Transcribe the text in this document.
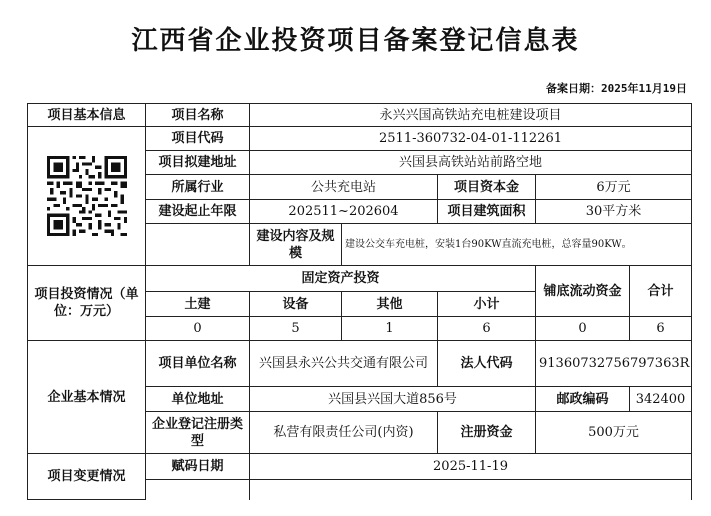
江西省企业投资项目备案登记信息表
备案日期：2025年11月19日
项目基本信息	项目名称	永兴兴国高铁站充电桩建设项目				

	项目代码	2511-360732-04-01-112261				
	项目拟建地址	兴国县高铁站站前路空地				
	所属行业	公共充电站		项目资本金	6万元	
	建设起止年限	202511~202604		项目建筑面积	30平方米	
		建设内容及规模	建设公交车充电桩，安装1台90KW直流充电桩，总容量90KW。			
项目投资情况（单位：万元）	固定资产投资				铺底流动资金	合计
	土建	设备	其他	小计		
	0	5	1	6	0	6
企业基本情况	项目单位名称	兴国县永兴公共交通有限公司		法人代码	91360732756797363R	
	单位地址	兴国县兴国大道856号			邮政编码	342400
	企业登记注册类型	私营有限责任公司(内资)		注册资金	500万元	
项目变更情况	赋码日期	2025-11-19				
